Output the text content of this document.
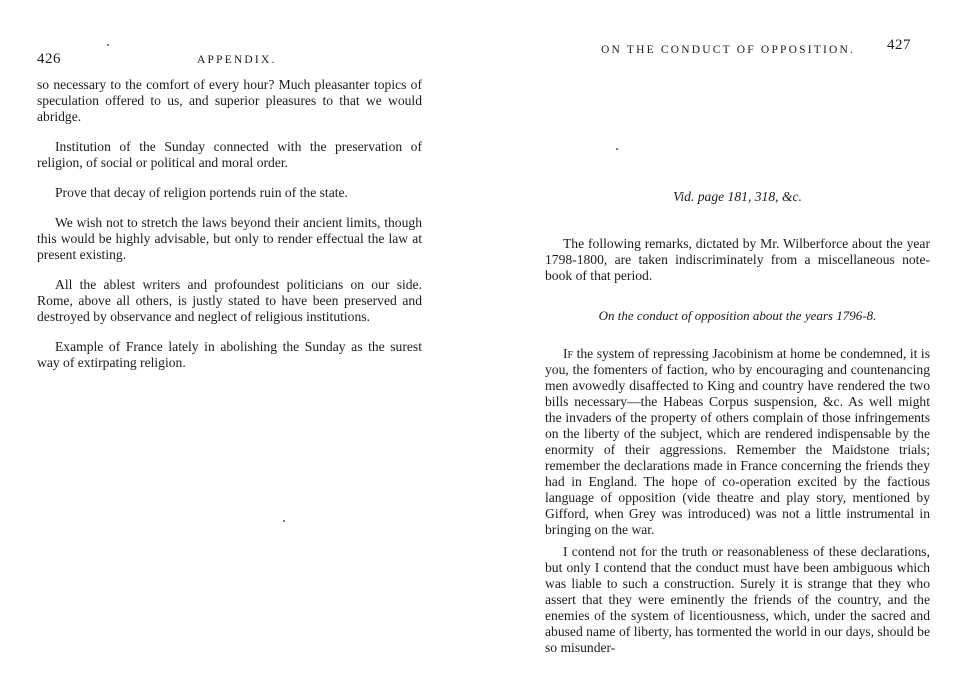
426	APPENDIX.

so necessary to the comfort of every hour? Much pleasanter topics of speculation offered to us, and superior pleasures to that we would abridge.

Institution of the Sunday connected with the preservation of religion, of social or political and moral order.

Prove that decay of religion portends ruin of the state.

We wish not to stretch the laws beyond their ancient limits, though this would be highly advisable, but only to render effectual the law at present existing.

All the ablest writers and profoundest politicians on our side. Rome, above all others, is justly stated to have been preserved and destroyed by observance and neglect of religious institutions.

Example of France lately in abolishing the Sunday as the surest way of extirpating religion.

ON THE CONDUCT OF OPPOSITION. 427
Vid. page 181, 318, &c.

The following remarks, dictated by Mr. Wilberforce about the year 1798-1800, are taken indiscriminately from a miscellaneous note-book of that period.

On the conduct of opposition about the years 1796-8.

If the system of repressing Jacobinism at home be condemned, it is you, the fomenters of faction, who by encouraging and countenancing men avowedly disaffected to King and country have rendered the two bills necessary—the Habeas Corpus suspension, &c. As well might the invaders of the property of others complain of those infringements on the liberty of the subject, which are rendered indispensable by the enormity of their aggressions. Remember the Maidstone trials; remember the declarations made in France concerning the friends they had in England. The hope of co-operation excited by the factious language of opposition (vide theatre and play story, mentioned by Gifford, when Grey was introduced) was not a little instrumental in bringing on the war.

I contend not for the truth or reasonableness of these declarations, but only I contend that the conduct must have been ambiguous which was liable to such a construction. Surely it is strange that they who assert that they were eminently the friends of the country, and the enemies of the system of licentiousness, which, under the sacred and abused name of liberty, has tormented the world in our days, should be so misunder-
